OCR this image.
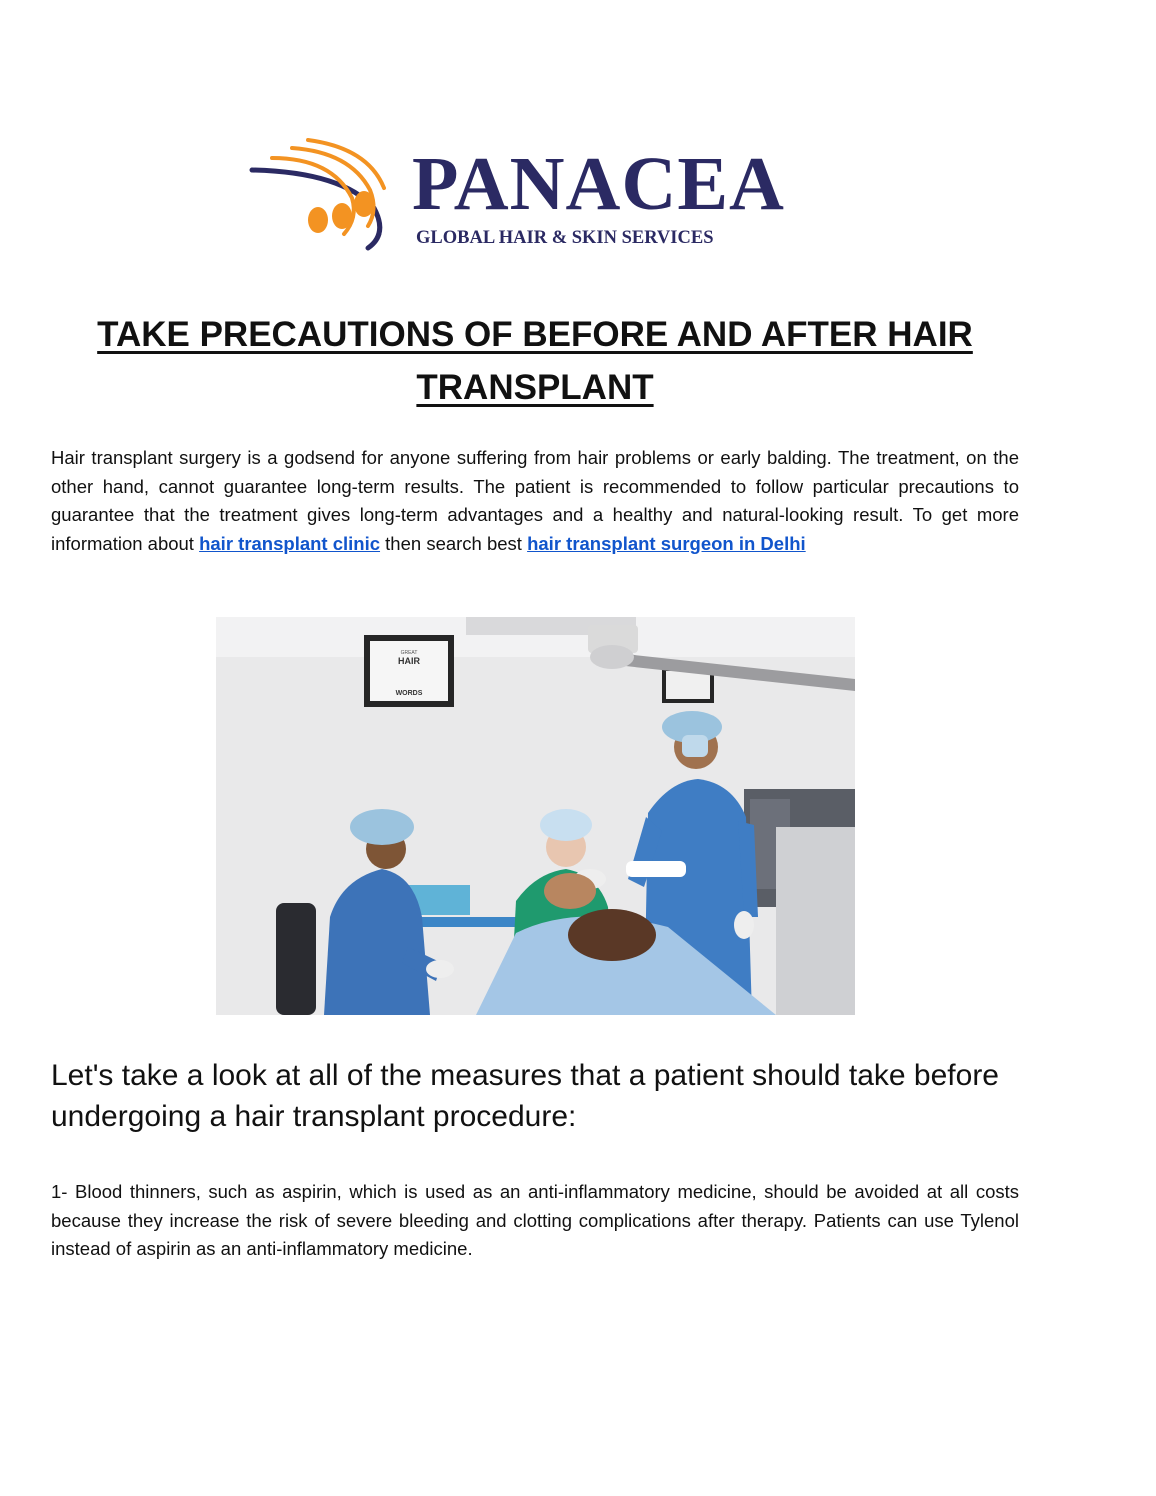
PANACEA
GLOBAL HAIR & SKIN SERVICES
TAKE PRECAUTIONS OF BEFORE AND AFTER HAIR
TRANSPLANT

Hair transplant surgery is a godsend for anyone suffering from hair problems or early balding. The treatment, on the other hand, cannot guarantee long-term results. The patient is recommended to follow particular precautions to guarantee that the treatment gives long-term advantages and a healthy and natural-looking result. To get more information about hair transplant clinic then search best hair transplant surgeon in Delhi

GREAT
HAIR
WORDS
Let's take a look at all of the measures that a patient should take before undergoing a hair transplant procedure:

1- Blood thinners, such as aspirin, which is used as an anti-inflammatory medicine, should be avoided at all costs because they increase the risk of severe bleeding and clotting complications after therapy. Patients can use Tylenol instead of aspirin as an anti-inflammatory medicine.
